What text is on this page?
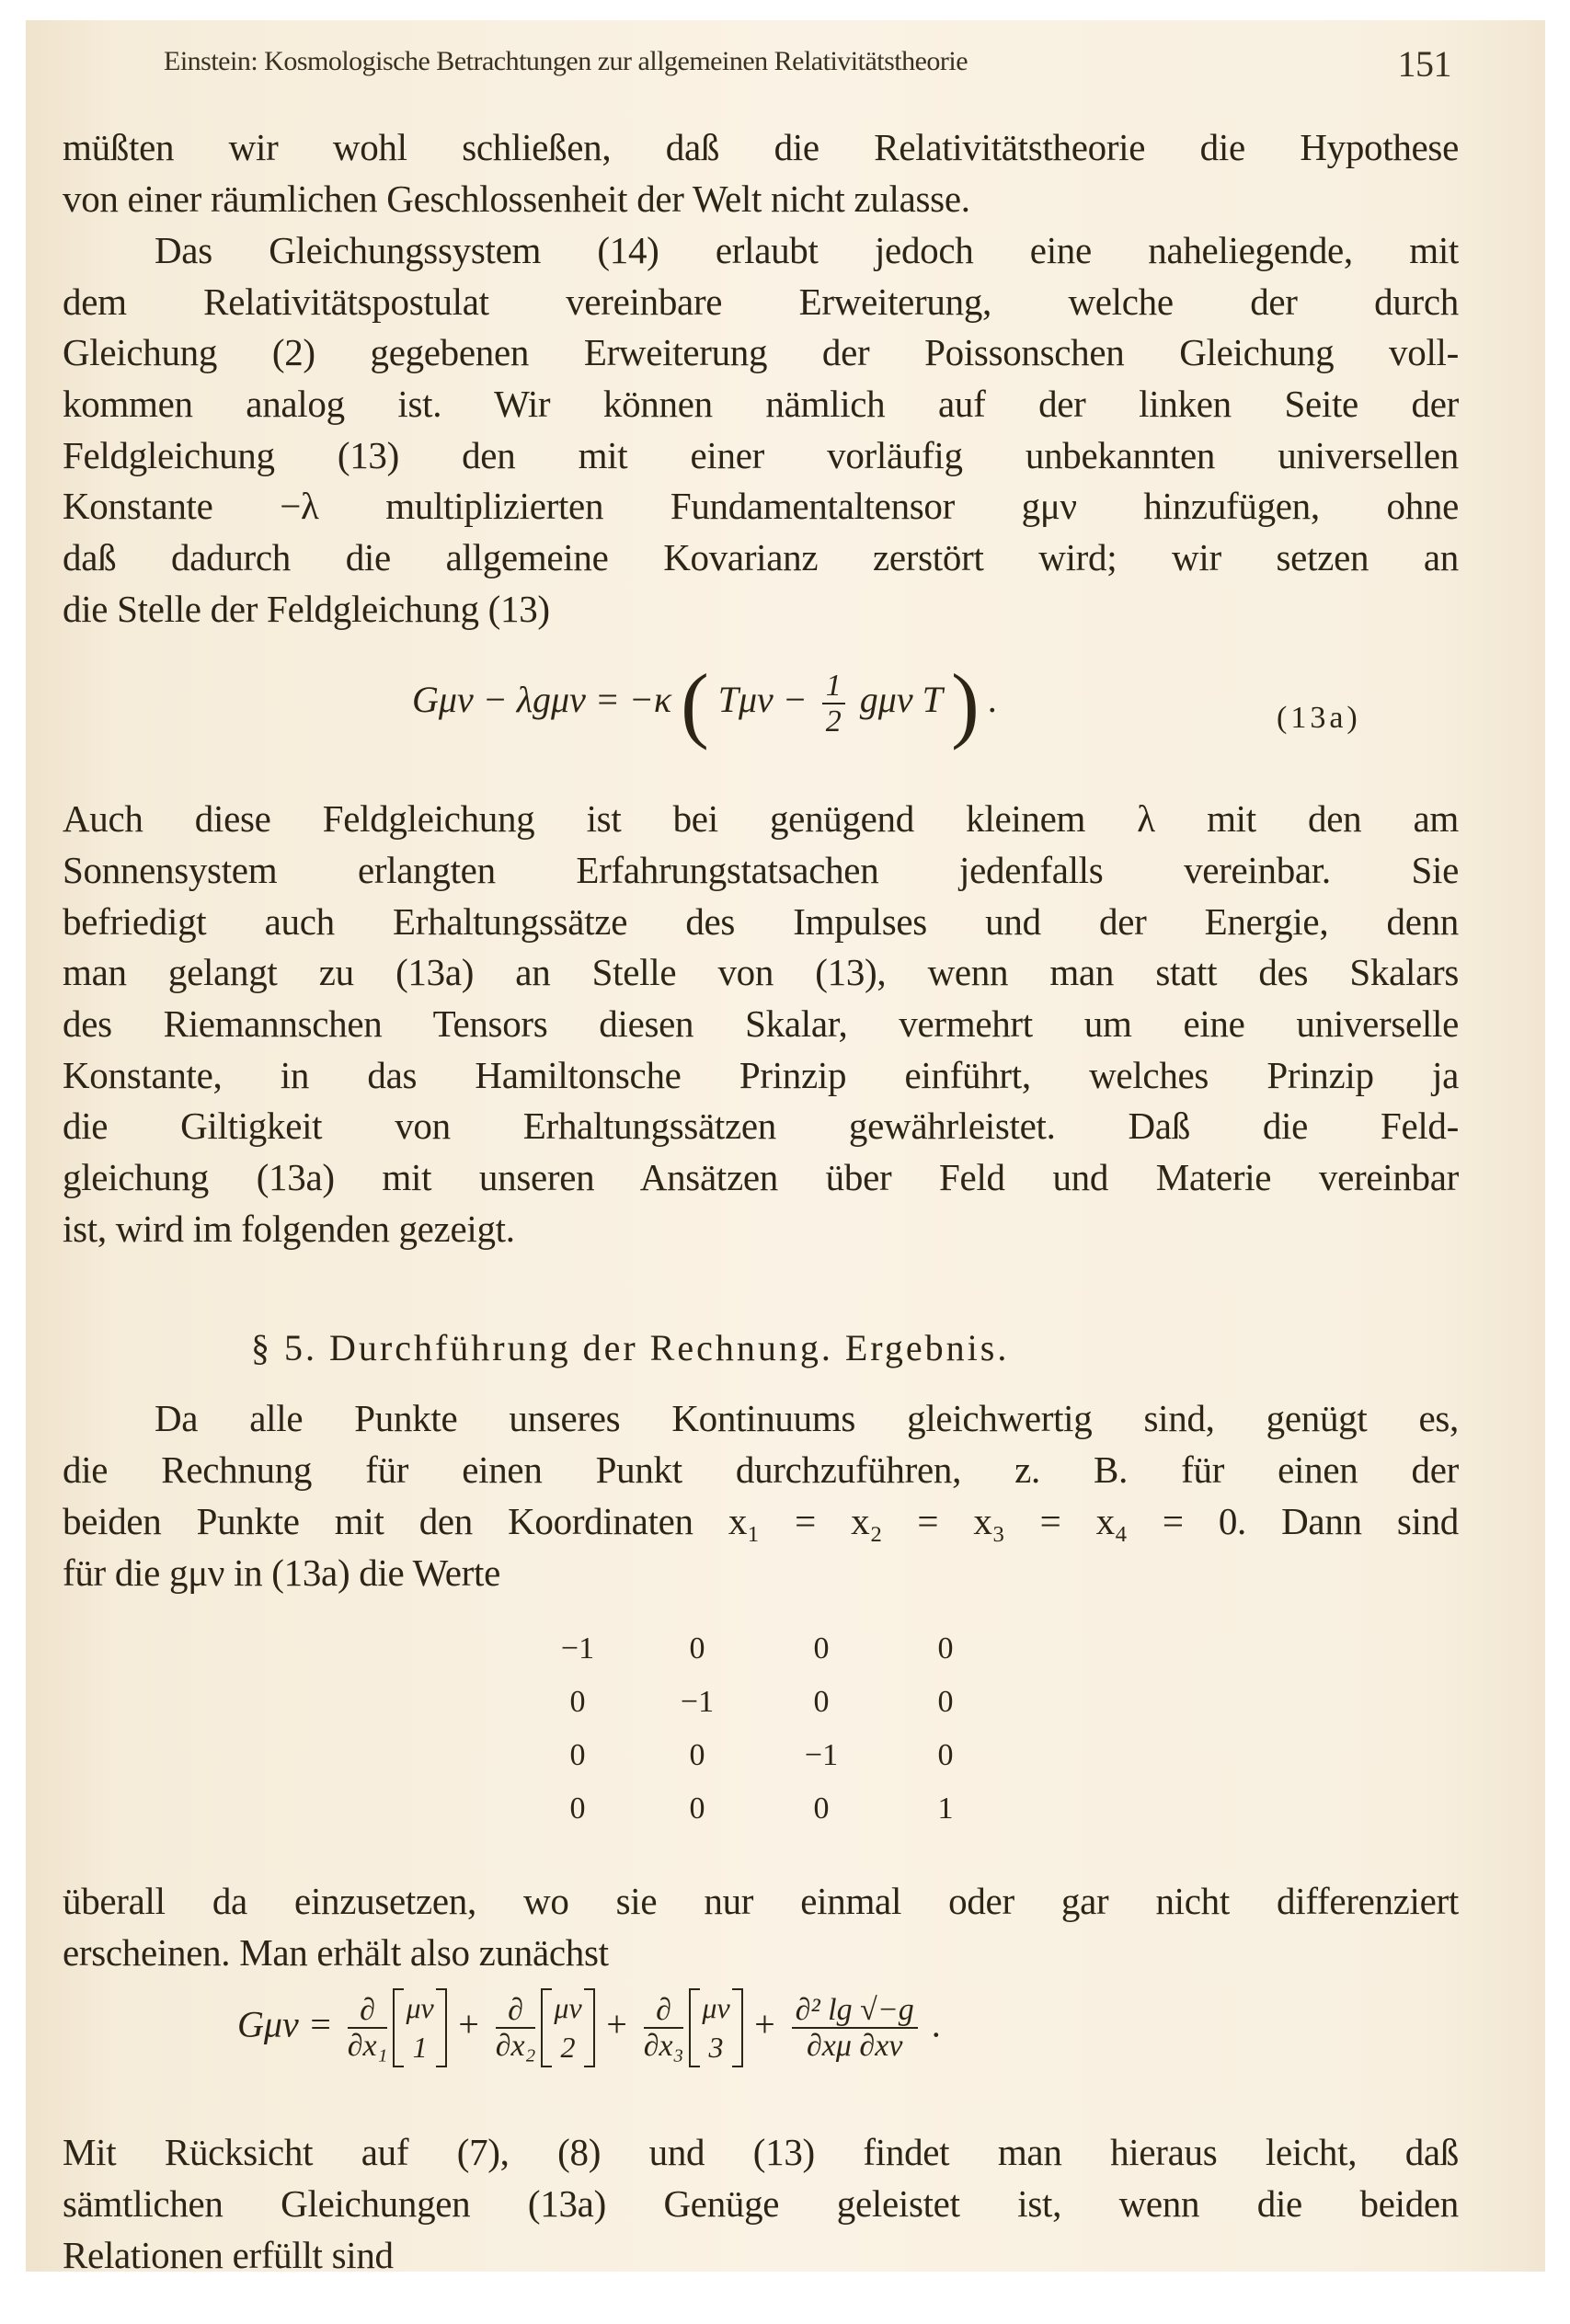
Einstein: Kosmologische Betrachtungen zur allgemeinen Relativitätstheorie	151
müßten wir wohl schließen, daß die Relativitätstheorie die Hypothese
von einer räumlichen Geschlossenheit der Welt nicht zulasse.
Das Gleichungssystem (14) erlaubt jedoch eine naheliegende, mit
dem Relativitätspostulat vereinbare Erweiterung, welche der durch
Gleichung (2) gegebenen Erweiterung der Poissonschen Gleichung voll-
kommen analog ist. Wir können nämlich auf der linken Seite der
Feldgleichung (13) den mit einer vorläufig unbekannten universellen
Konstante −λ multiplizierten Fundamentaltensor gμν hinzufügen, ohne
daß dadurch die allgemeine Kovarianz zerstört wird; wir setzen an
die Stelle der Feldgleichung (13)
Gμν − λgμν = −κ ( $T\mu\nu - \frac{1}{2}$ gμν T ) .	(13a)
Auch diese Feldgleichung ist bei genügend kleinem λ mit den am
Sonnensystem erlangten Erfahrungstatsachen jedenfalls vereinbar. Sie
befriedigt auch Erhaltungssätze des Impulses und der Energie, denn
man gelangt zu (13a) an Stelle von (13), wenn man statt des Skalars
des Riemannschen Tensors diesen Skalar, vermehrt um eine universelle
Konstante, in das Hamiltonsche Prinzip einführt, welches Prinzip ja
die Giltigkeit von Erhaltungssätzen gewährleistet. Daß die Feld-
gleichung (13a) mit unseren Ansätzen über Feld und Materie vereinbar
ist, wird im folgenden gezeigt.
§ 5. Durchführung der Rechnung. Ergebnis.
Da alle Punkte unseres Kontinuums gleichwertig sind, genügt es,
die Rechnung für einen Punkt durchzuführen, z. B. für einen der
beiden Punkte mit den Koordinaten x₁ = x₂ = x₃ = x₄ = 0. Dann sind
für die gμν in (13a) die Werte
−1	0	0	0
0	−1	0	0
0	0	−1	0
0	0	0	1
überall da einzusetzen, wo sie nur einmal oder gar nicht differenziert
erscheinen. Man erhält also zunächst
$G\mu\nu = \frac{\partial}{\text{∂x₁}}$ μν
1
+ $\frac{\partial}{\text{∂x₂}}$ μν
2
+ $\frac{\partial}{\text{∂x₃}}$ μν
3
+ $\frac{\text{∂² lg √−g}}{\partial x\mu \partial x\nu}$ .
Mit Rücksicht auf (7), (8) und (13) findet man hieraus leicht, daß
sämtlichen Gleichungen (13a) Genüge geleistet ist, wenn die beiden
Relationen erfüllt sind
